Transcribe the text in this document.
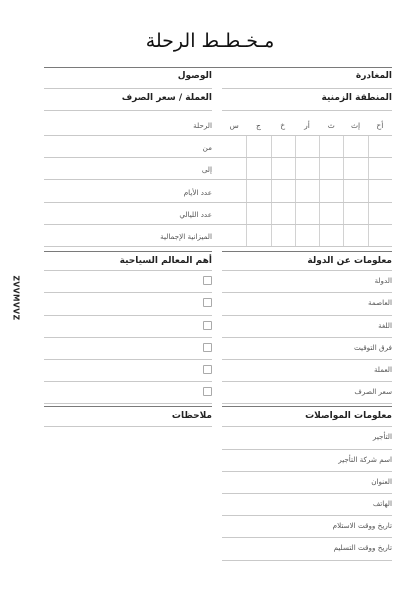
مـخـطـط الرحلة
ZVVMVVZ
المغادرة
الوصول
المنطقة الزمنية
العملة / سعر الصرف
أح
إث
ث
أر
خ
ج
س
الرحلة
من
إلى
عدد الأيام
عدد الليالي
الميزانية الإجمالية
معلومات عن الدولة
الدولة
العاصمة
اللغة
فرق التوقيت
العملة
سعر الصرف
أهم المعالم السياحية
معلومات المواصلات
التأجير
اسم شركة التأجير
العنوان
الهاتف
تاريخ ووقت الاستلام
تاريخ ووقت التسليم
ملاحظات
